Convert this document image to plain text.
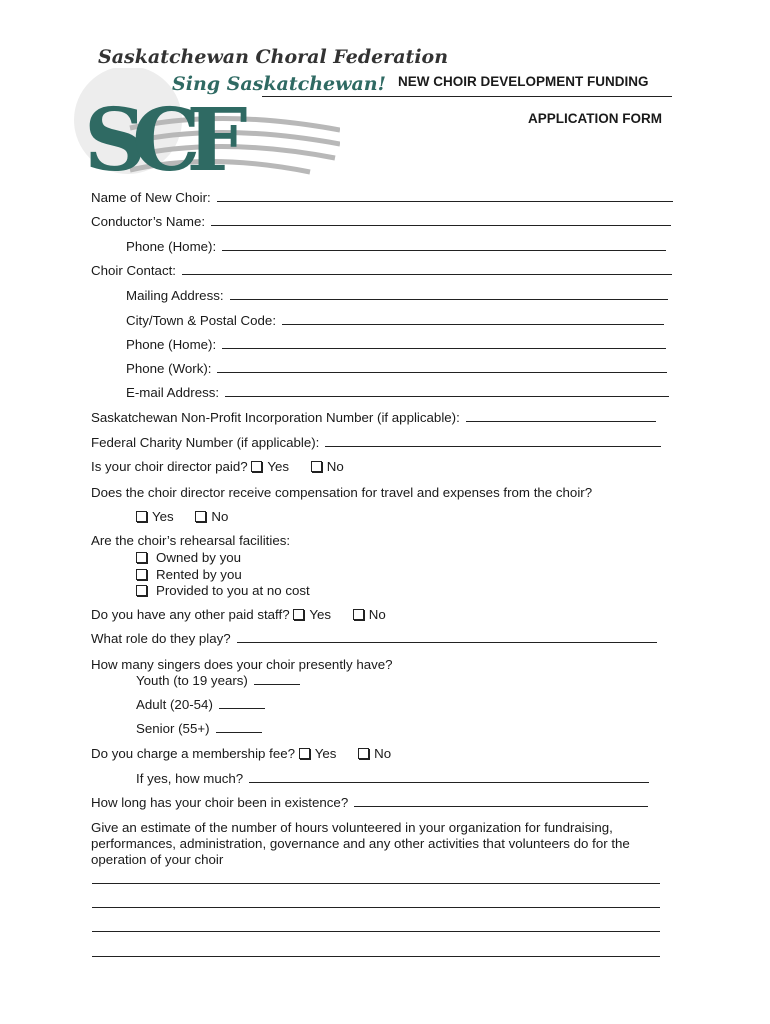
SCF
Saskatchewan Choral Federation
Sing Saskatchewan! NEW CHOIR DEVELOPMENT FUNDING
APPLICATION FORM
Name of New Choir:
Conductor’s Name:
Phone (Home):
Choir Contact:
Mailing Address:
City/Town & Postal Code:
Phone (Home):
Phone (Work):
E-mail Address:
Saskatchewan Non-Profit Incorporation Number (if applicable):
Federal Charity Number (if applicable):
Is your choir director paid? Yes	No
Does the choir director receive compensation for travel and expenses from the choir?
Yes	No
Are the choir’s rehearsal facilities:
Owned by you
Rented by you
Provided to you at no cost
Do you have any other paid staff? Yes	No
What role do they play?
How many singers does your choir presently have?
Youth (to 19 years)
Adult (20-54)
Senior (55+)
Do you charge a membership fee? Yes	No
If yes, how much?
How long has your choir been in existence?
Give an estimate of the number of hours volunteered in your organization for fundraising,
performances, administration, governance and any other activities that volunteers do for the
operation of your choir
